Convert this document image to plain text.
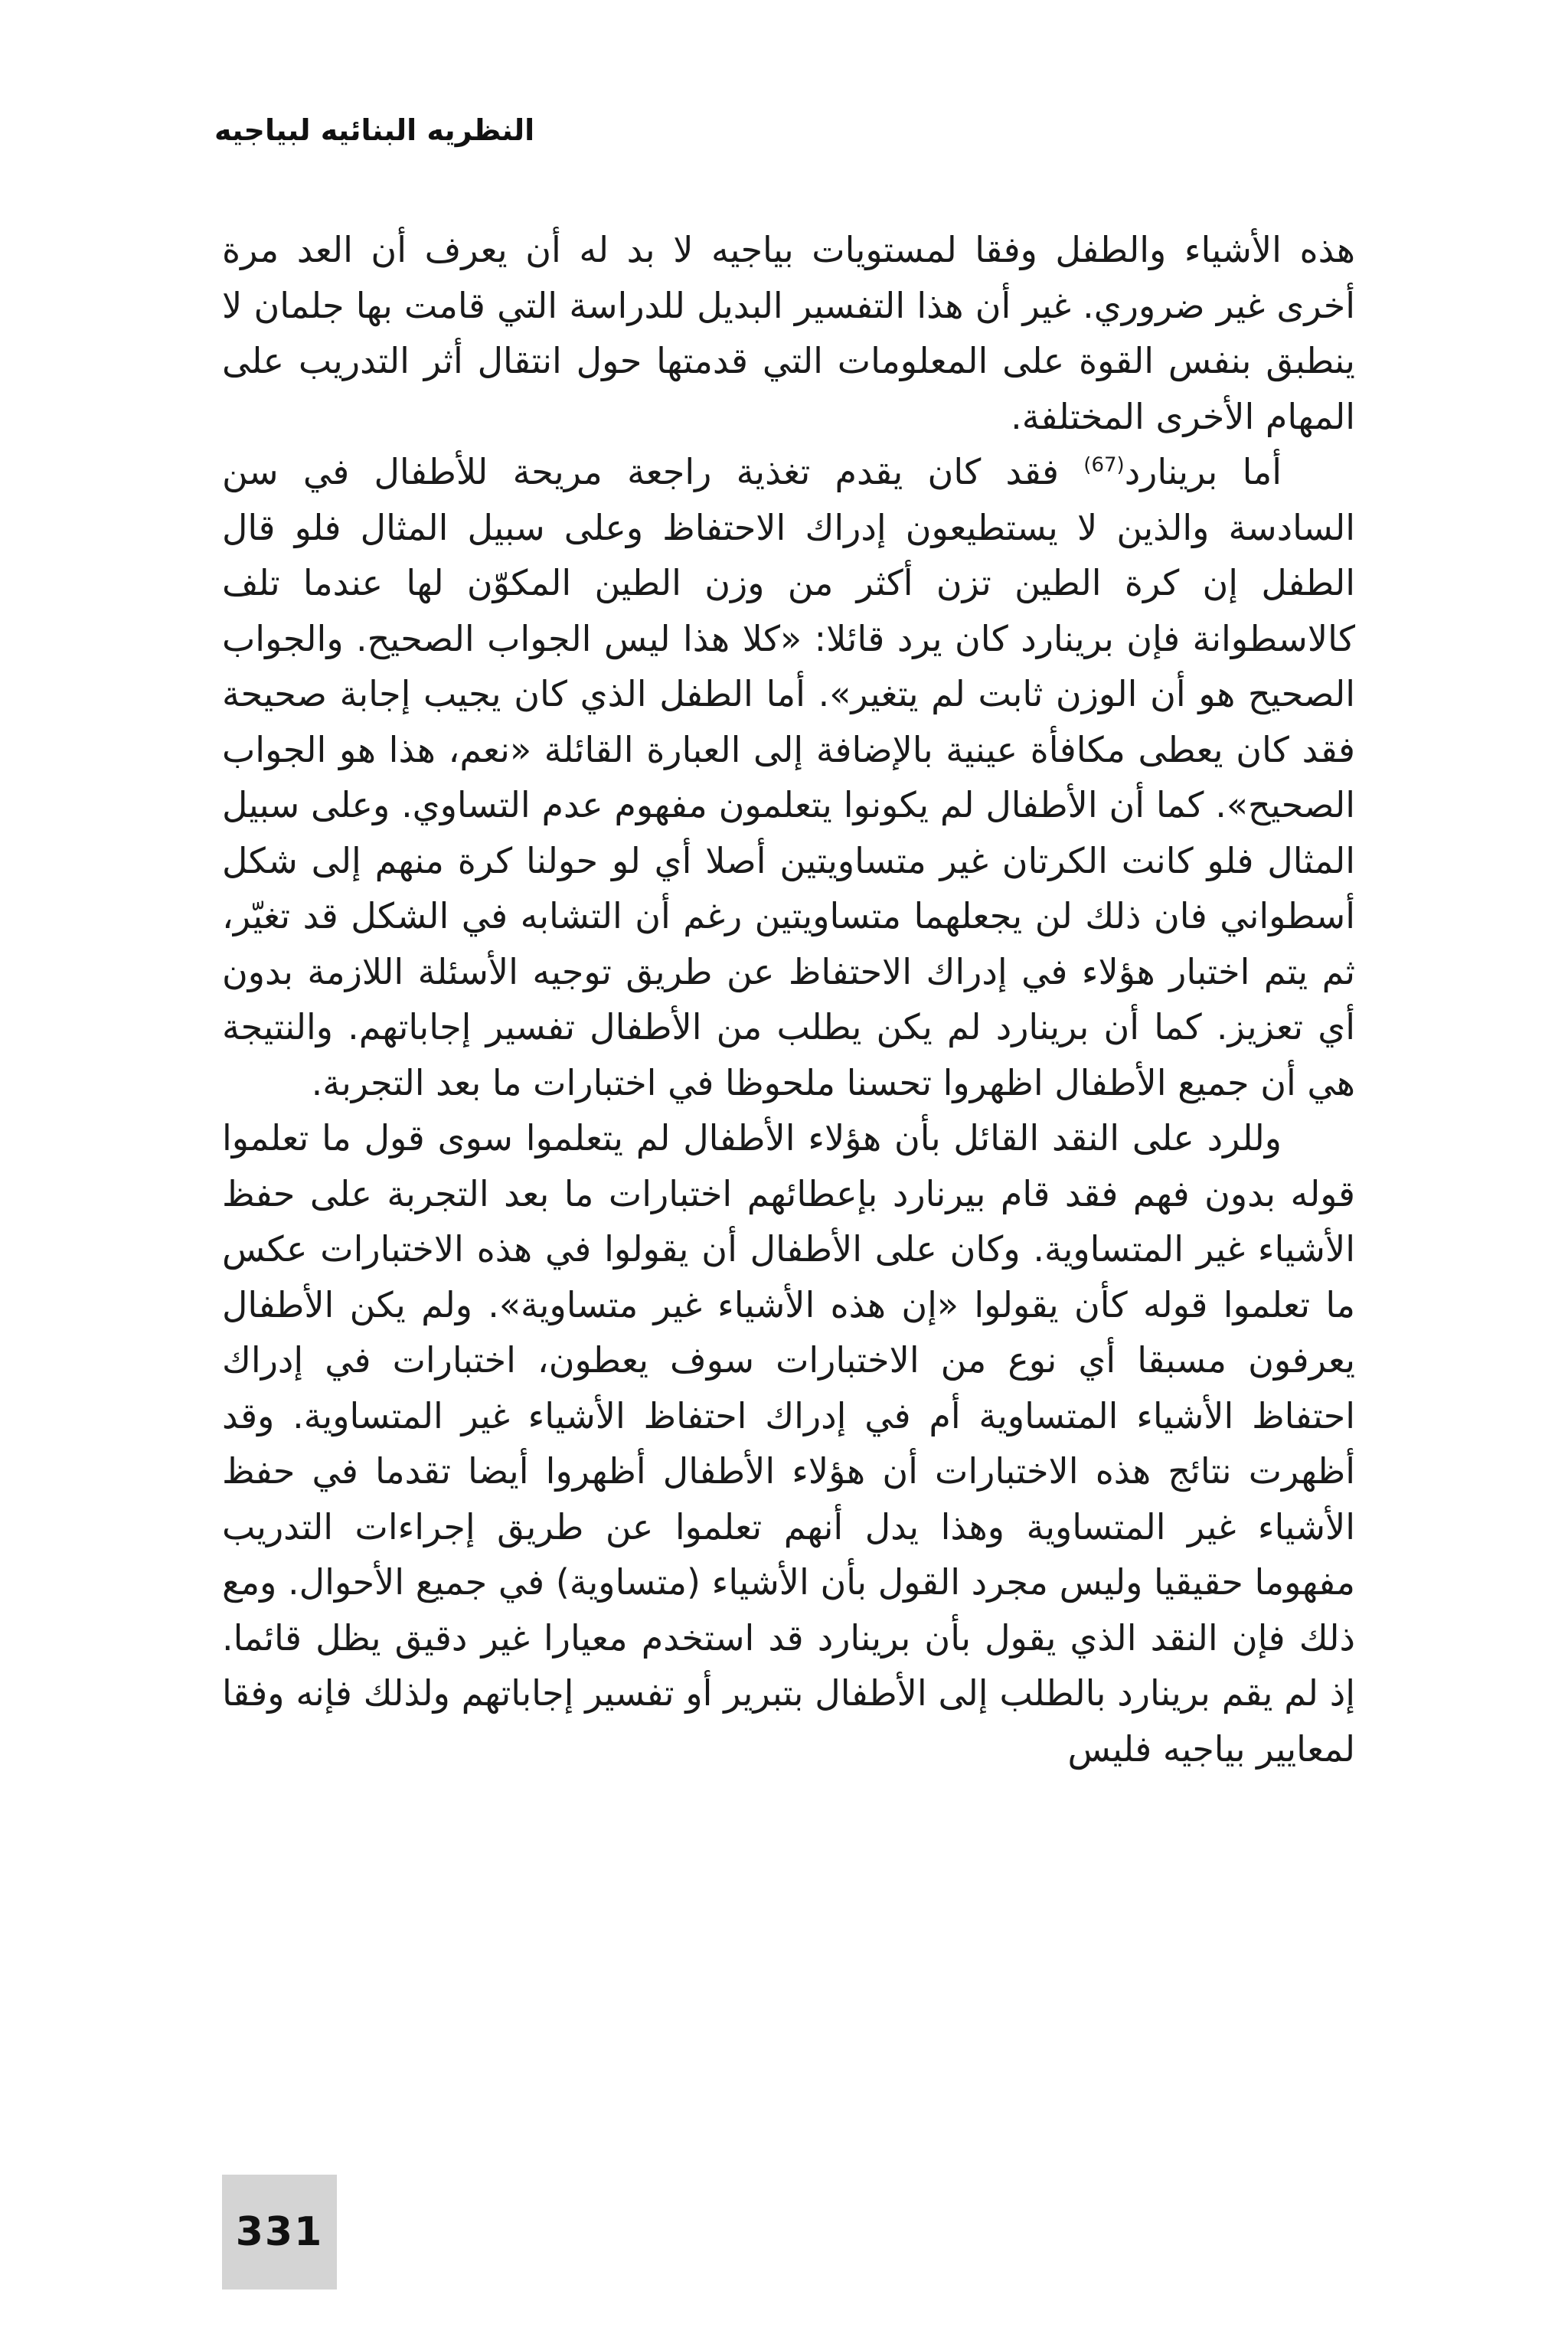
النظريه البنائيه لبياجيه

هذه الأشياء والطفل وفقا لمستويات بياجيه لا بد له أن يعرف أن العد مرة أخرى غير ضروري. غير أن هذا التفسير البديل للدراسة التي قامت بها جلمان لا ينطبق بنفس القوة على المعلومات التي قدمتها حول انتقال أثر التدريب على المهام الأخرى المختلفة.

أما برينارد$^{(67)}$ فقد كان يقدم تغذية راجعة مريحة للأطفال في سن السادسة والذين لا يستطيعون إدراك الاحتفاظ وعلى سبيل المثال فلو قال الطفل إن كرة الطين تزن أكثر من وزن الطين المكوّن لها عندما تلف كالاسطوانة فإن برينارد كان يرد قائلا: «كلا هذا ليس الجواب الصحيح. والجواب الصحيح هو أن الوزن ثابت لم يتغير». أما الطفل الذي كان يجيب إجابة صحيحة فقد كان يعطى مكافأة عينية بالإضافة إلى العبارة القائلة «نعم، هذا هو الجواب الصحيح». كما أن الأطفال لم يكونوا يتعلمون مفهوم عدم التساوي. وعلى سبيل المثال فلو كانت الكرتان غير متساويتين أصلا أي لو حولنا كرة منهم إلى شكل أسطواني فان ذلك لن يجعلهما متساويتين رغم أن التشابه في الشكل قد تغيّر، ثم يتم اختبار هؤلاء في إدراك الاحتفاظ عن طريق توجيه الأسئلة اللازمة بدون أي تعزيز. كما أن برينارد لم يكن يطلب من الأطفال تفسير إجاباتهم. والنتيجة هي أن جميع الأطفال اظهروا تحسنا ملحوظا في اختبارات ما بعد التجربة.

وللرد على النقد القائل بأن هؤلاء الأطفال لم يتعلموا سوى قول ما تعلموا قوله بدون فهم فقد قام بيرنارد بإعطائهم اختبارات ما بعد التجربة على حفظ الأشياء غير المتساوية. وكان على الأطفال أن يقولوا في هذه الاختبارات عكس ما تعلموا قوله كأن يقولوا «إن هذه الأشياء غير متساوية». ولم يكن الأطفال يعرفون مسبقا أي نوع من الاختبارات سوف يعطون، اختبارات في إدراك احتفاظ الأشياء المتساوية أم في إدراك احتفاظ الأشياء غير المتساوية. وقد أظهرت نتائج هذه الاختبارات أن هؤلاء الأطفال أظهروا أيضا تقدما في حفظ الأشياء غير المتساوية وهذا يدل أنهم تعلموا عن طريق إجراءات التدريب مفهوما حقيقيا وليس مجرد القول بأن الأشياء (متساوية) في جميع الأحوال. ومع ذلك فإن النقد الذي يقول بأن برينارد قد استخدم معيارا غير دقيق يظل قائما. إذ لم يقم برينارد بالطلب إلى الأطفال بتبرير أو تفسير إجاباتهم ولذلك فإنه وفقا لمعايير بياجيه فليس

331
